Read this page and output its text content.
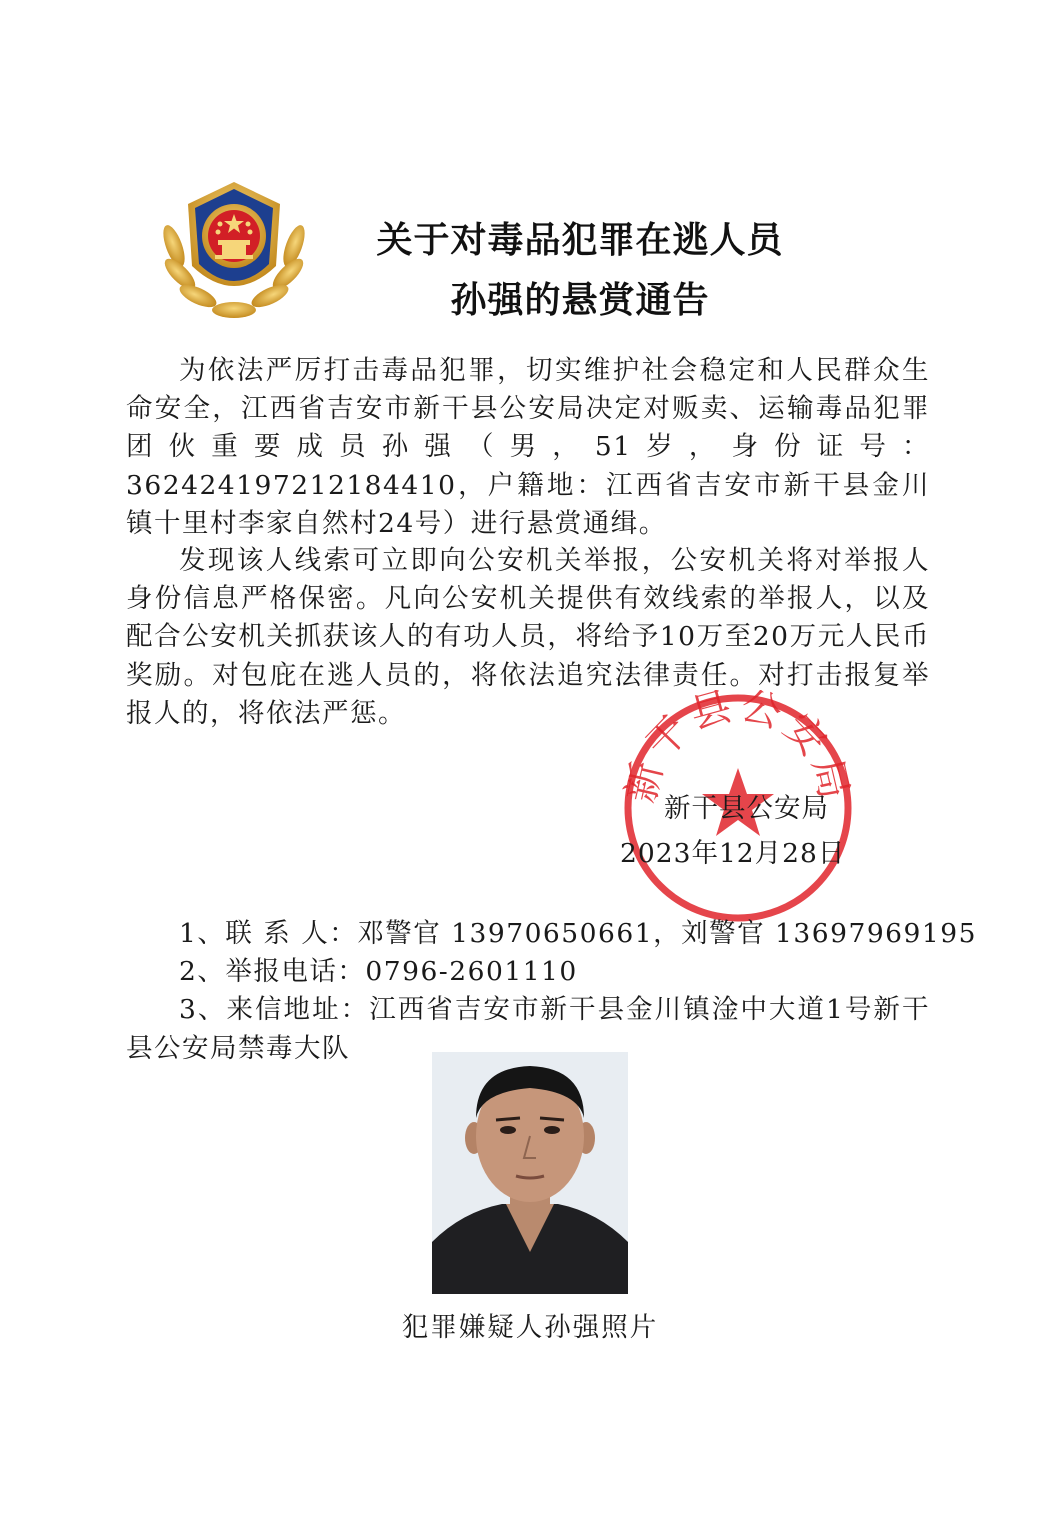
关于对毒品犯罪在逃人员
孙强的悬赏通告

为依法严厉打击毒品犯罪，切实维护社会稳定和人民群众生命安全，江西省吉安市新干县公安局决定对贩卖、运输毒品犯罪团伙重要成员孙强（男，51岁，身份证号：362424197212184410，户籍地：江西省吉安市新干县金川镇十里村李家自然村24号）进行悬赏通缉。

发现该人线索可立即向公安机关举报，公安机关将对举报人身份信息严格保密。凡向公安机关提供有效线索的举报人，以及配合公安机关抓获该人的有功人员，将给予10万至20万元人民币奖励。对包庇在逃人员的，将依法追究法律责任。对打击报复举报人的，将依法严惩。

新干县公安局
新干县公安局
2023年12月28日

1、联 系 人：邓警官 13970650661，刘警官 13697969195

2、举报电话：0796-2601110

3、来信地址：江西省吉安市新干县金川镇淦中大道1号新干县公安局禁毒大队

犯罪嫌疑人孙强照片
